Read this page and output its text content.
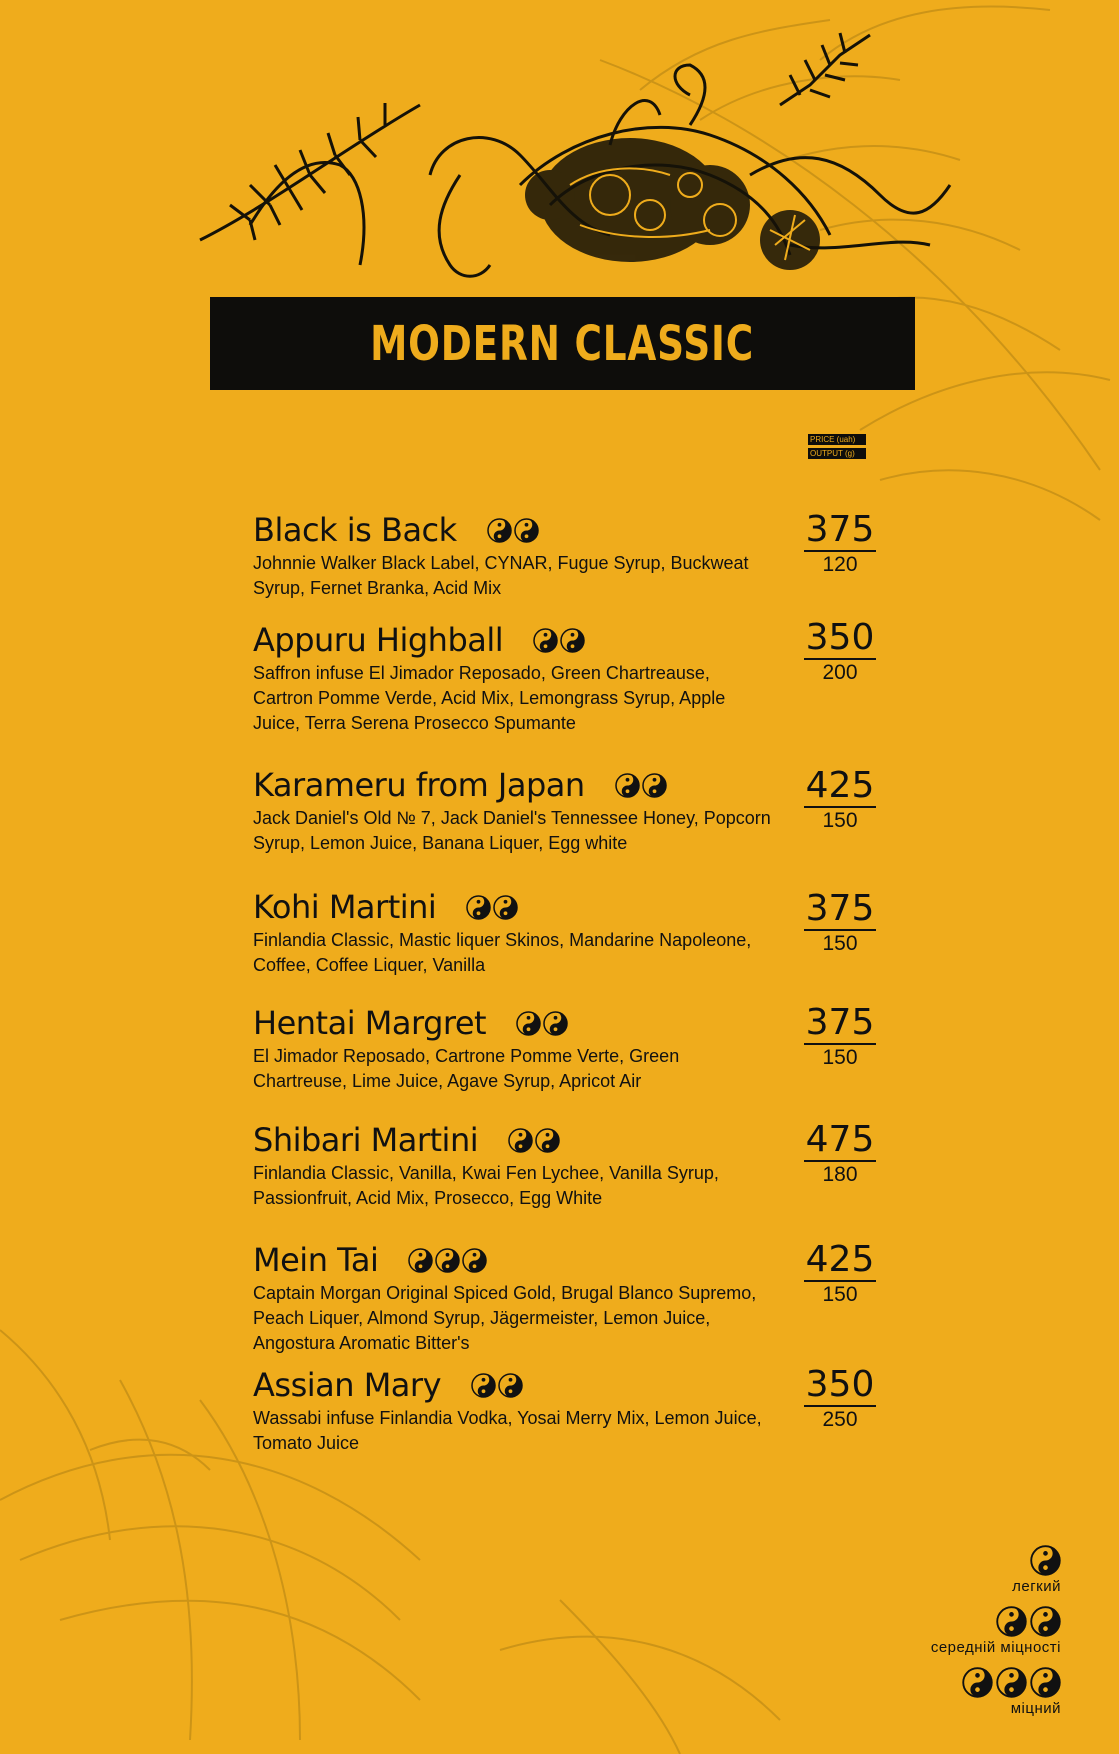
MODERN CLASSIC
PRICE (uah)
OUTPUT (g)
Black is Back
Johnnie Walker Black Label, CYNAR, Fugue Syrup, Buckweat Syrup, Fernet Branka, Acid Mix
375
120
Appuru Highball
Saffron infuse El Jimador Reposado, Green Chartreause, Cartron Pomme Verde, Acid Mix, Lemongrass Syrup, Apple Juice, Terra Serena Prosecco Spumante
350
200
Karameru from Japan
Jack Daniel's Old № 7, Jack Daniel's Tennessee Honey, Popcorn Syrup, Lemon Juice, Banana Liquer, Egg white
425
150
Kohi Martini
Finlandia Classic, Mastic liquer Skinos, Mandarine Napoleone, Coffee, Coffee Liquer, Vanilla
375
150
Hentai Margret
El Jimador Reposado, Cartrone Pomme Verte, Green Chartreuse, Lime Juice, Agave Syrup, Apricot Air
375
150
Shibari Martini
Finlandia Classic, Vanilla, Kwai Fen Lychee, Vanilla Syrup, Passionfruit, Acid Mix, Prosecco, Egg White
475
180
Mein Tai
Captain Morgan Original Spiced Gold, Brugal Blanco Supremo, Peach Liquer, Almond Syrup, Jägermeister, Lemon Juice, Angostura Aromatic Bitter's
425
150
Assian Mary
Wassabi infuse Finlandia Vodka, Yosai Merry Mix, Lemon Juice, Tomato Juice
350
250
легкий
середній міцності
міцний
